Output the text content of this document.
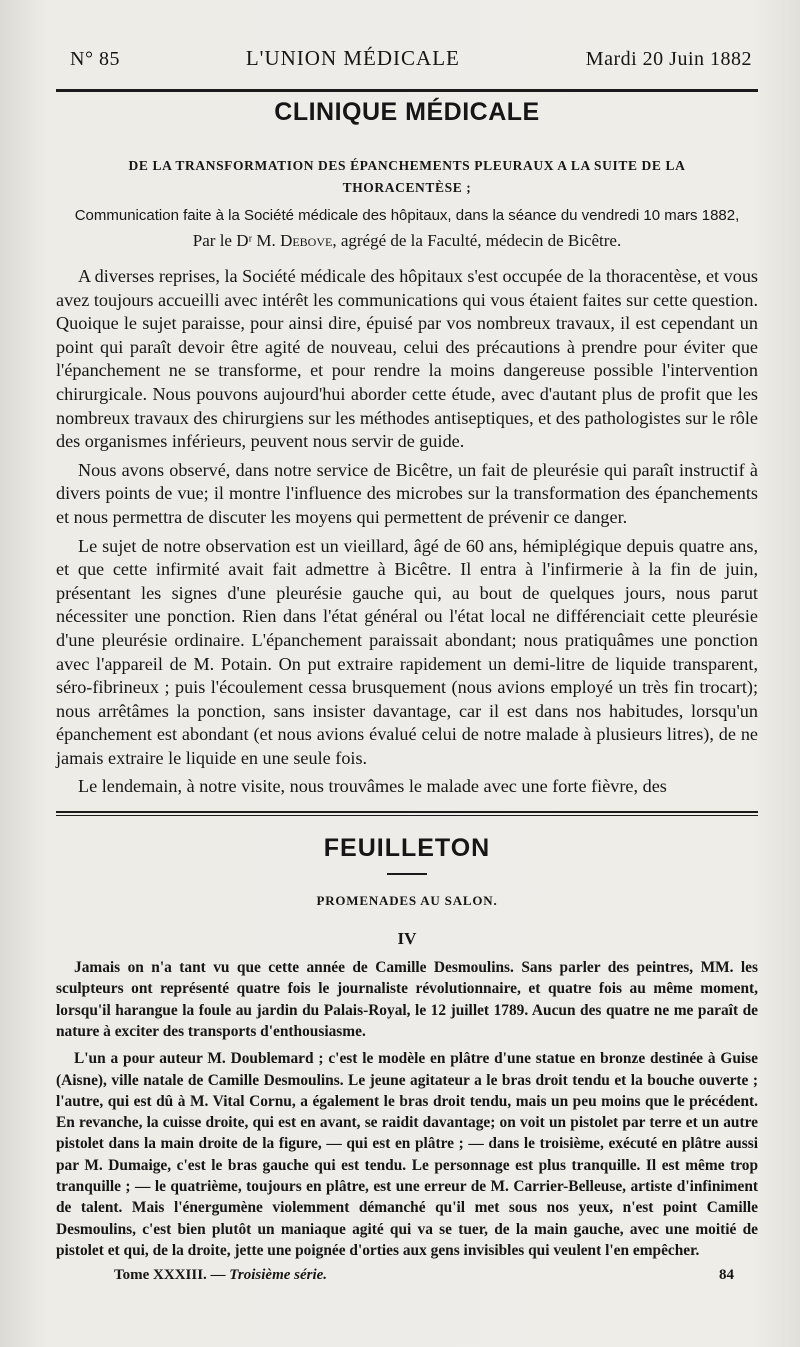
N° 85	L'UNION MÉDICALE	Mardi 20 Juin 1882
CLINIQUE MÉDICALE
DE LA TRANSFORMATION DES ÉPANCHEMENTS PLEURAUX A LA SUITE DE LA THORACENTÈSE ;
Communication faite à la Société médicale des hôpitaux, dans la séance du vendredi 10 mars 1882,
Par le Dʳ M. Debove, agrégé de la Faculté, médecin de Bicêtre.

A diverses reprises, la Société médicale des hôpitaux s'est occupée de la thoracentèse, et vous avez toujours accueilli avec intérêt les communications qui vous étaient faites sur cette question. Quoique le sujet paraisse, pour ainsi dire, épuisé par vos nombreux travaux, il est cependant un point qui paraît devoir être agité de nouveau, celui des précautions à prendre pour éviter que l'épanchement ne se transforme, et pour rendre la moins dangereuse possible l'intervention chirurgicale. Nous pouvons aujourd'hui aborder cette étude, avec d'autant plus de profit que les nombreux travaux des chirurgiens sur les méthodes antiseptiques, et des pathologistes sur le rôle des organismes inférieurs, peuvent nous servir de guide.

Nous avons observé, dans notre service de Bicêtre, un fait de pleurésie qui paraît instructif à divers points de vue; il montre l'influence des microbes sur la transformation des épanchements et nous permettra de discuter les moyens qui permettent de prévenir ce danger.

Le sujet de notre observation est un vieillard, âgé de 60 ans, hémiplégique depuis quatre ans, et que cette infirmité avait fait admettre à Bicêtre. Il entra à l'infirmerie à la fin de juin, présentant les signes d'une pleurésie gauche qui, au bout de quelques jours, nous parut nécessiter une ponction. Rien dans l'état général ou l'état local ne différenciait cette pleurésie d'une pleurésie ordinaire. L'épanchement paraissait abondant; nous pratiquâmes une ponction avec l'appareil de M. Potain. On put extraire rapidement un demi-litre de liquide transparent, séro-fibrineux ; puis l'écoulement cessa brusquement (nous avions employé un très fin trocart); nous arrêtâmes la ponction, sans insister davantage, car il est dans nos habitudes, lorsqu'un épanchement est abondant (et nous avions évalué celui de notre malade à plusieurs litres), de ne jamais extraire le liquide en une seule fois.

Le lendemain, à notre visite, nous trouvâmes le malade avec une forte fièvre, des

FEUILLETON
PROMENADES AU SALON.
IV

Jamais on n'a tant vu que cette année de Camille Desmoulins. Sans parler des peintres, MM. les sculpteurs ont représenté quatre fois le journaliste révolutionnaire, et quatre fois au même moment, lorsqu'il harangue la foule au jardin du Palais-Royal, le 12 juillet 1789. Aucun des quatre ne me paraît de nature à exciter des transports d'enthousiasme.

L'un a pour auteur M. Doublemard ; c'est le modèle en plâtre d'une statue en bronze destinée à Guise (Aisne), ville natale de Camille Desmoulins. Le jeune agitateur a le bras droit tendu et la bouche ouverte ; l'autre, qui est dû à M. Vital Cornu, a également le bras droit tendu, mais un peu moins que le précédent. En revanche, la cuisse droite, qui est en avant, se raidit davantage; on voit un pistolet par terre et un autre pistolet dans la main droite de la figure, — qui est en plâtre ; — dans le troisième, exécuté en plâtre aussi par M. Dumaige, c'est le bras gauche qui est tendu. Le personnage est plus tranquille. Il est même trop tranquille ; — le quatrième, toujours en plâtre, est une erreur de M. Carrier-Belleuse, artiste d'infiniment de talent. Mais l'énergumène violemment démanché qu'il met sous nos yeux, n'est point Camille Desmoulins, c'est bien plutôt un maniaque agité qui va se tuer, de la main gauche, avec une moitié de pistolet et qui, de la droite, jette une poignée d'orties aux gens invisibles qui veulent l'en empêcher.

Tome XXXIII. — Troisième série.	84
